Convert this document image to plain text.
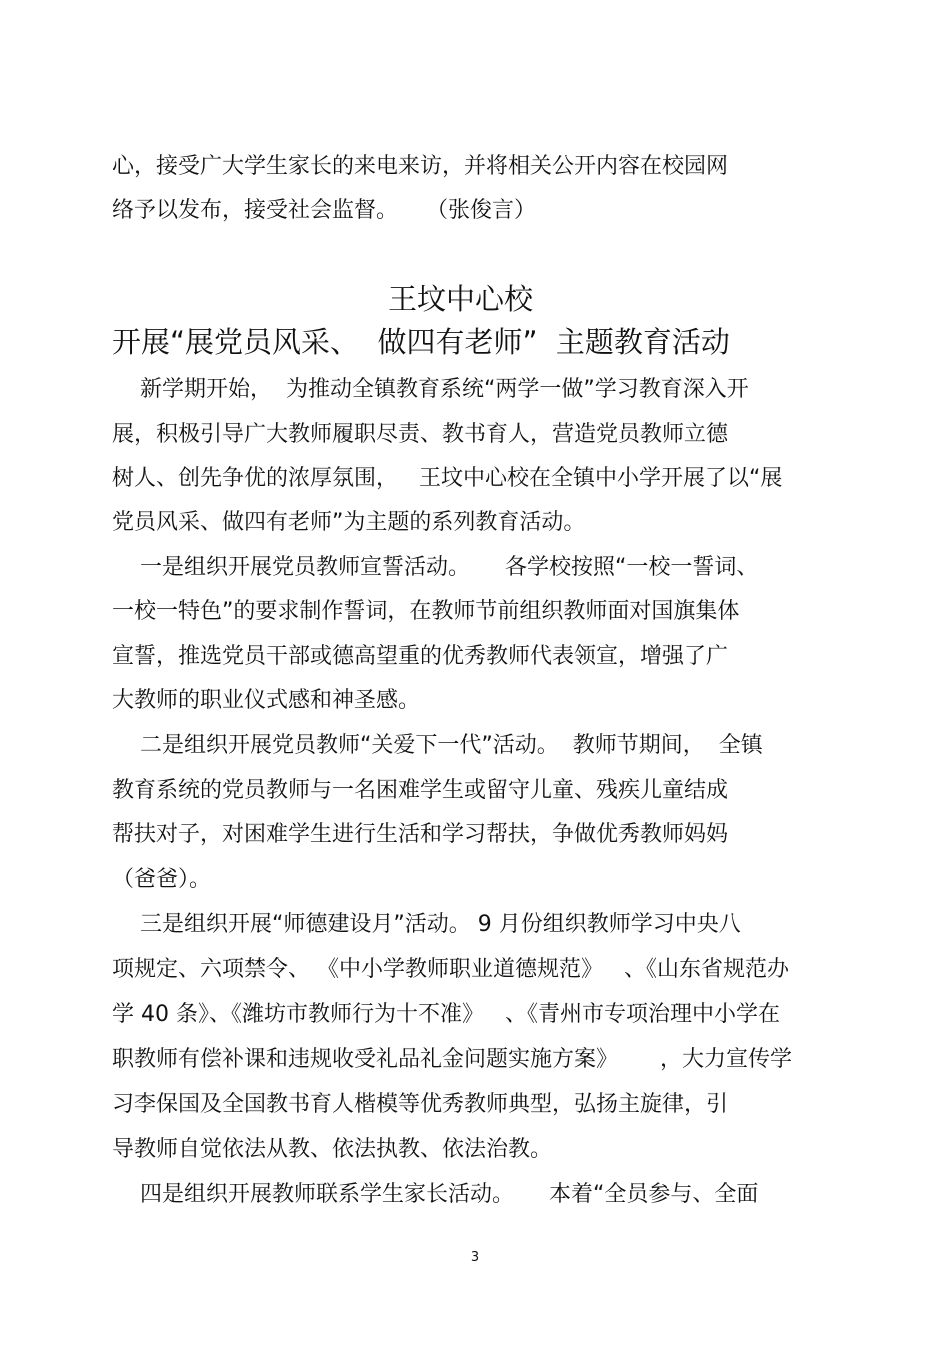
心，接受广大学生家长的来电来访，并将相关公开内容在校园网
络予以发布，接受社会监督。    （张俊言）
王坟中心校
开展“展党员风采、  做四有老师”  主题教育活动
新学期开始，  为推动全镇教育系统“两学一做”学习教育深入开
展，积极引导广大教师履职尽责、教书育人，营造党员教师立德
树人、创先争优的浓厚氛围，   王坟中心校在全镇中小学开展了以“展
党员风采、做四有老师”为主题的系列教育活动。
一是组织开展党员教师宣誓活动。     各学校按照“一校一誓词、
一校一特色”的要求制作誓词，在教师节前组织教师面对国旗集体
宣誓，推选党员干部或德高望重的优秀教师代表领宣，增强了广
大教师的职业仪式感和神圣感。
二是组织开展党员教师“关爱下一代”活动。  教师节期间，  全镇
教育系统的党员教师与一名困难学生或留守儿童、残疾儿童结成
帮扶对子，对困难学生进行生活和学习帮扶，争做优秀教师妈妈
（爸爸）。
三是组织开展“师德建设月”活动。 9 月份组织教师学习中央八
项规定、六项禁令、 《中小学教师职业道德规范》   、《山东省规范办
学 40 条》、《潍坊市教师行为十不准》   、《青州市专项治理中小学在
职教师有偿补课和违规收受礼品礼金问题实施方案》      ，大力宣传学
习李保国及全国教书育人楷模等优秀教师典型，弘扬主旋律，引
导教师自觉依法从教、依法执教、依法治教。
四是组织开展教师联系学生家长活动。     本着“全员参与、全面
3
